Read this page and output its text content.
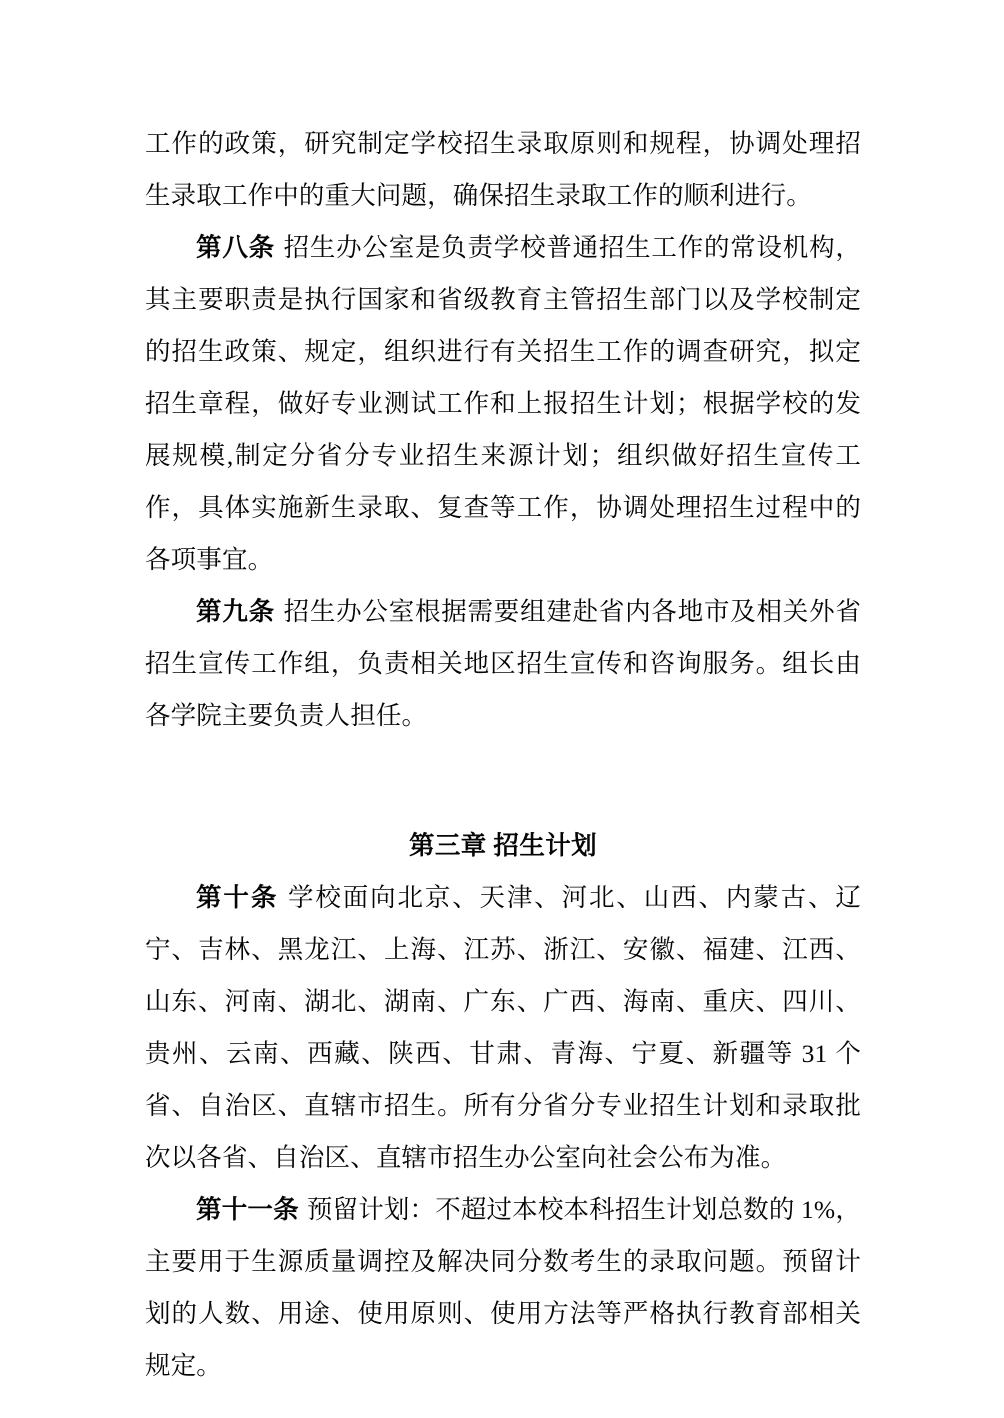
工作的政策，研究制定学校招生录取原则和规程，协调处理招生录取工作中的重大问题，确保招生录取工作的顺利进行。

第八条 招生办公室是负责学校普通招生工作的常设机构，其主要职责是执行国家和省级教育主管招生部门以及学校制定的招生政策、规定，组织进行有关招生工作的调查研究，拟定招生章程，做好专业测试工作和上报招生计划；根据学校的发展规模,制定分省分专业招生来源计划；组织做好招生宣传工作，具体实施新生录取、复查等工作，协调处理招生过程中的各项事宜。

第九条 招生办公室根据需要组建赴省内各地市及相关外省招生宣传工作组，负责相关地区招生宣传和咨询服务。组长由各学院主要负责人担任。

第三章 招生计划

第十条 学校面向北京、天津、河北、山西、内蒙古、辽宁、吉林、黑龙江、上海、江苏、浙江、安徽、福建、江西、山东、河南、湖北、湖南、广东、广西、海南、重庆、四川、贵州、云南、西藏、陕西、甘肃、青海、宁夏、新疆等 31 个省、自治区、直辖市招生。所有分省分专业招生计划和录取批次以各省、自治区、直辖市招生办公室向社会公布为准。

第十一条 预留计划：不超过本校本科招生计划总数的 1%，主要用于生源质量调控及解决同分数考生的录取问题。预留计划的人数、用途、使用原则、使用方法等严格执行教育部相关规定。
